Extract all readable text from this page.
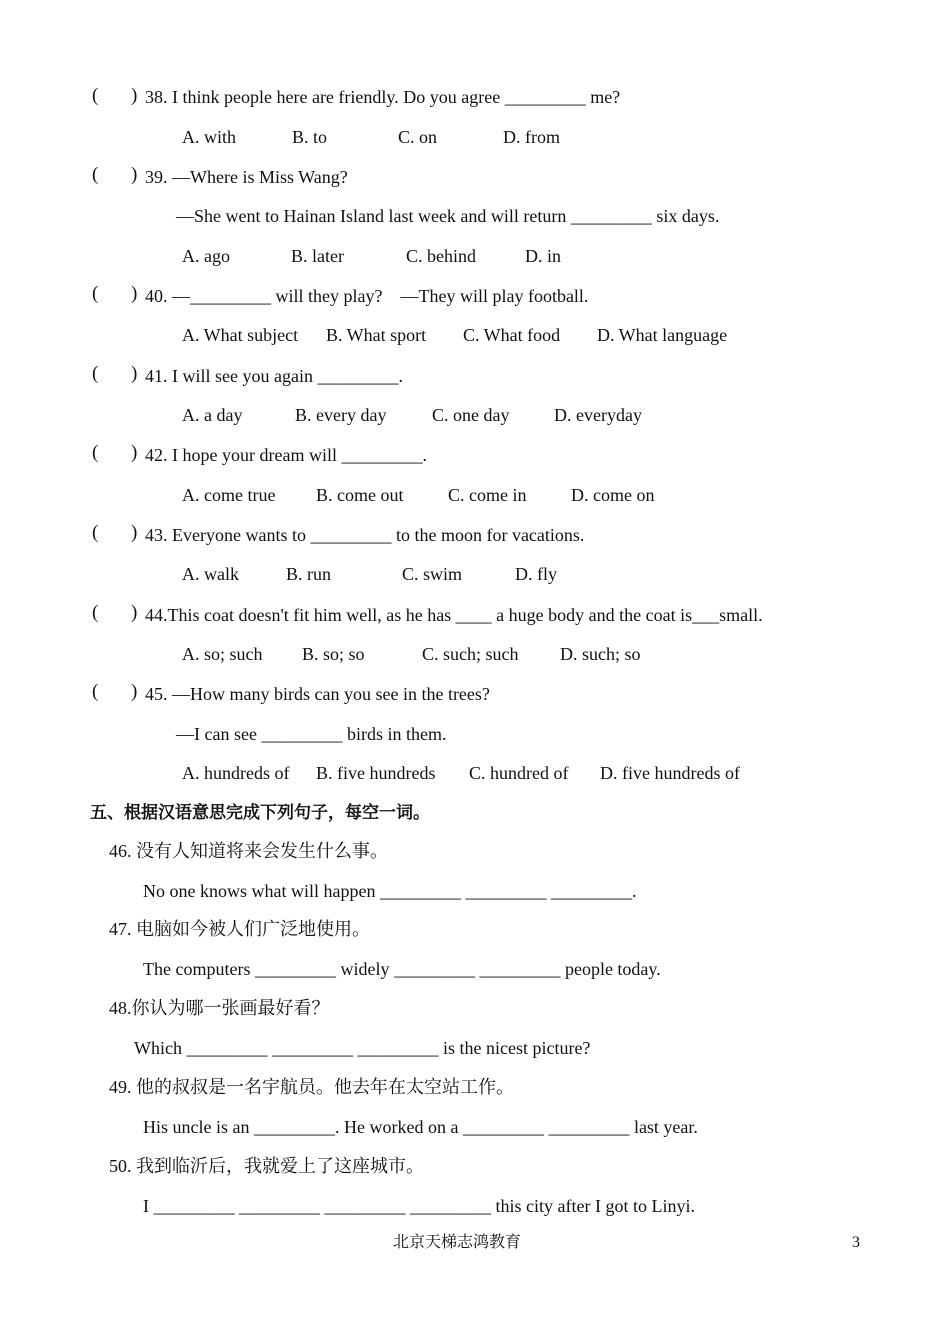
( ) 38. I think people here are friendly. Do you agree _________ me?
A. with	B. to	C. on	D. from
( ) 39. —Where is Miss Wang?
—She went to Hainan Island last week and will return _________ six days.
A. ago	B. later	C. behind	D. in
( ) 40. —_________ will they play?    —They will play football.
A. What subject B. What sport C. What food D. What language
( ) 41. I will see you again _________.
A. a day	B. every day	C. one day D. everyday
( ) 42. I hope your dream will _________.
A. come true B. come out C. come in D. come on
( ) 43. Everyone wants to _________ to the moon for vacations.
A. walk	B. run	C. swim	D. fly
( ) 44.This coat doesn't fit him well, as he has ____ a huge body and the coat is___small.
A. so; such B. so; so	C. such; such D. such; so
( ) 45. —How many birds can you see in the trees?
—I can see _________ birds in them.
A. hundreds of B. five hundreds C. hundred of D. five hundreds of
五、根据汉语意思完成下列句子，每空一词。
46. 没有人知道将来会发生什么事。
No one knows what will happen _________ _________ _________.
47. 电脑如今被人们广泛地使用。
The computers _________ widely _________ _________ people today.
48.你认为哪一张画最好看？
Which _________ _________ _________ is the nicest picture?
49. 他的叔叔是一名宇航员。他去年在太空站工作。
His uncle is an _________. He worked on a _________ _________ last year.
50. 我到临沂后，我就爱上了这座城市。
I _________ _________ _________ _________ this city after I got to Linyi.
北京天梯志鸿教育	3
